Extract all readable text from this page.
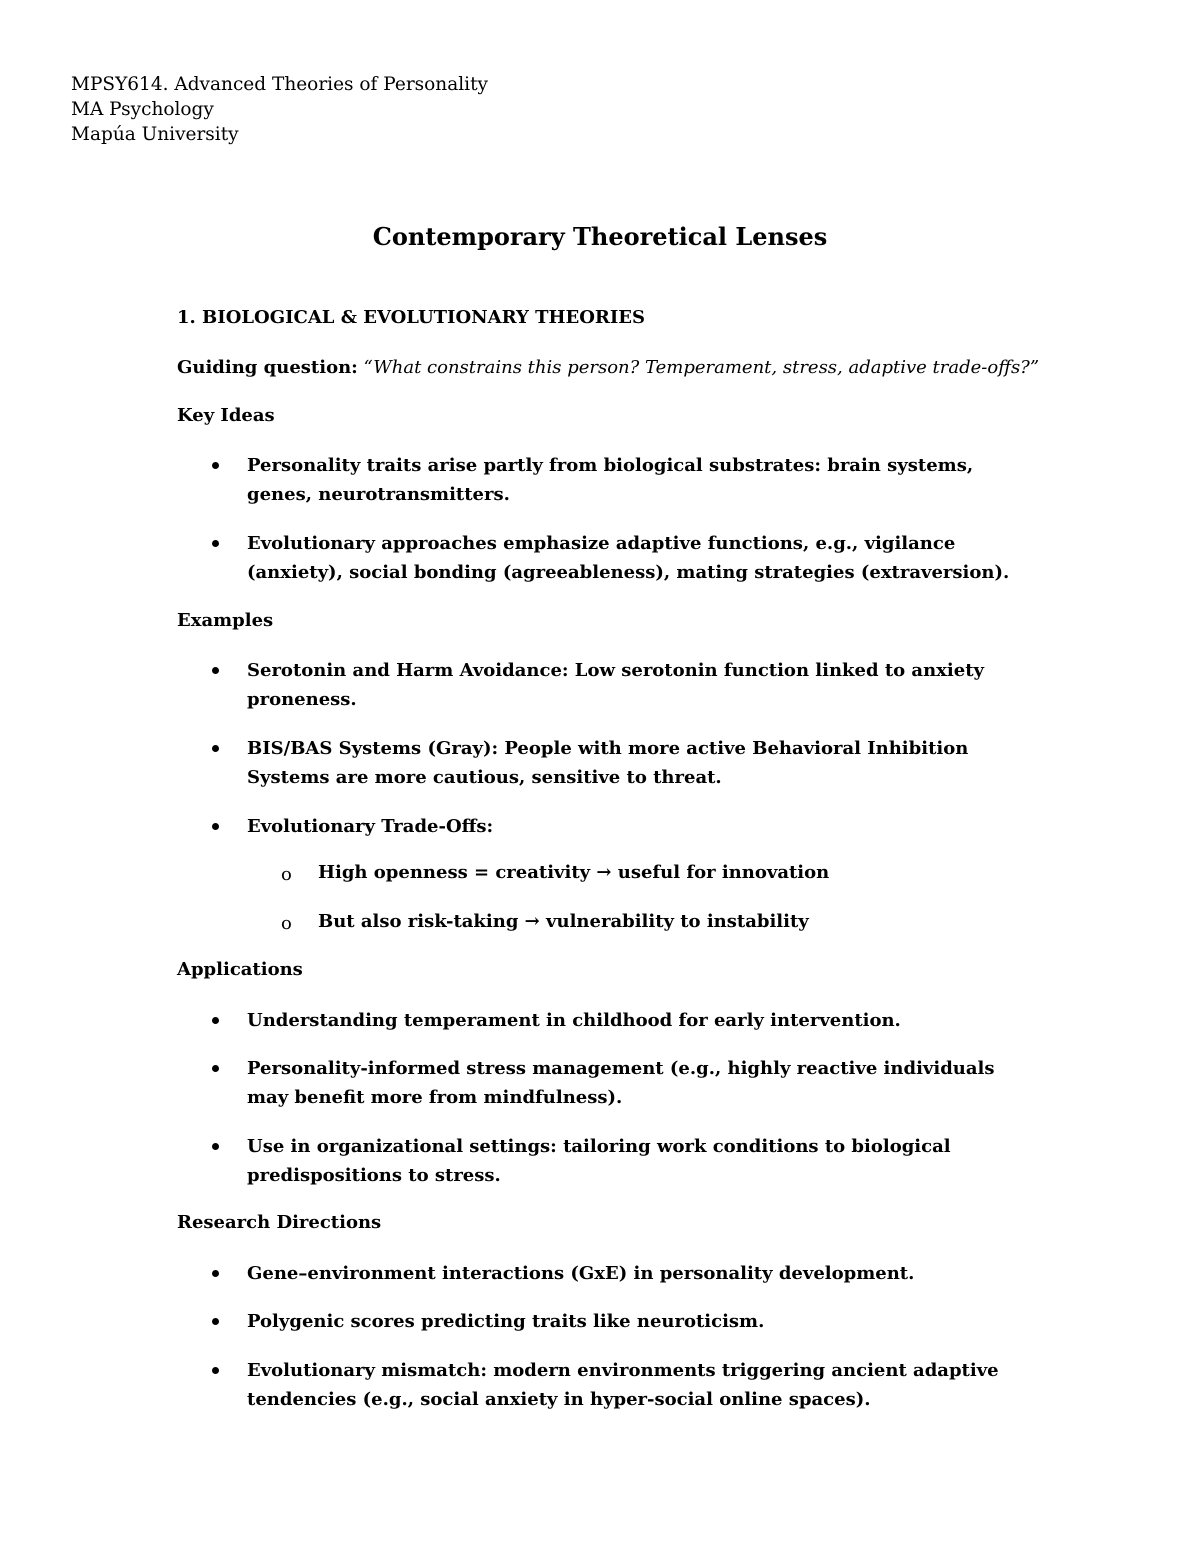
MPSY614. Advanced Theories of Personality
MA Psychology
Mapúa University
Contemporary Theoretical Lenses
1. BIOLOGICAL & EVOLUTIONARY THEORIES
Guiding question: “What constrains this person? Temperament, stress, adaptive trade-offs?”
Key Ideas
Personality traits arise partly from biological substrates: brain systems, genes, neurotransmitters.
Evolutionary approaches emphasize adaptive functions, e.g., vigilance (anxiety), social bonding (agreeableness), mating strategies (extraversion).
Examples
Serotonin and Harm Avoidance: Low serotonin function linked to anxiety proneness.
BIS/BAS Systems (Gray): People with more active Behavioral Inhibition Systems are more cautious, sensitive to threat.
Evolutionary Trade-Offs:
o High openness = creativity → useful for innovation
o But also risk-taking → vulnerability to instability
Applications
Understanding temperament in childhood for early intervention.
Personality-informed stress management (e.g., highly reactive individuals may benefit more from mindfulness).
Use in organizational settings: tailoring work conditions to biological predispositions to stress.
Research Directions
Gene–environment interactions (GxE) in personality development.
Polygenic scores predicting traits like neuroticism.
Evolutionary mismatch: modern environments triggering ancient adaptive tendencies (e.g., social anxiety in hyper-social online spaces).
